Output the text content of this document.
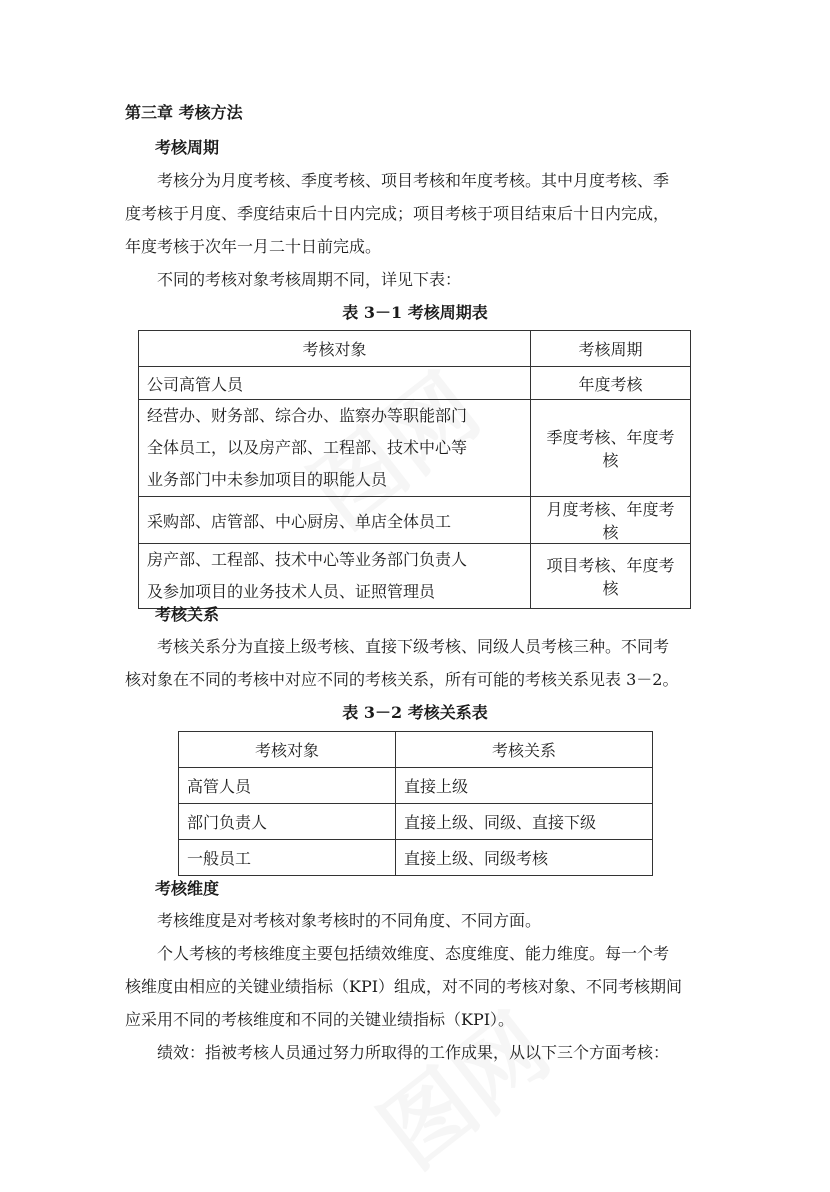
第三章 考核方法
考核周期
考核分为月度考核、季度考核、项目考核和年度考核。其中月度考核、季
度考核于月度、季度结束后十日内完成；项目考核于项目结束后十日内完成，
年度考核于次年一月二十日前完成。
不同的考核对象考核周期不同，详见下表：
表 3－1 考核周期表
考核对象	考核周期
公司高管人员	年度考核

经营办、财务部、综合办、监察办等职能部门
全体员工，以及房产部、工程部、技术中心等
业务部门中未参加项目的职能人员	季度考核、年度考核
采购部、店管部、中心厨房、单店全体员工	月度考核、年度考核

房产部、工程部、技术中心等业务部门负责人
及参加项目的业务技术人员、证照管理员	项目考核、年度考核
考核关系
考核关系分为直接上级考核、直接下级考核、同级人员考核三种。不同考
核对象在不同的考核中对应不同的考核关系，所有可能的考核关系见表 3－2。
表 3－2 考核关系表
考核对象	考核关系
高管人员	直接上级
部门负责人	直接上级、同级、直接下级
一般员工	直接上级、同级考核
考核维度
考核维度是对考核对象考核时的不同角度、不同方面。
个人考核的考核维度主要包括绩效维度、态度维度、能力维度。每一个考
核维度由相应的关键业绩指标（KPI）组成，对不同的考核对象、不同考核期间
应采用不同的考核维度和不同的关键业绩指标（KPI）。
绩效：指被考核人员通过努力所取得的工作成果，从以下三个方面考核：
